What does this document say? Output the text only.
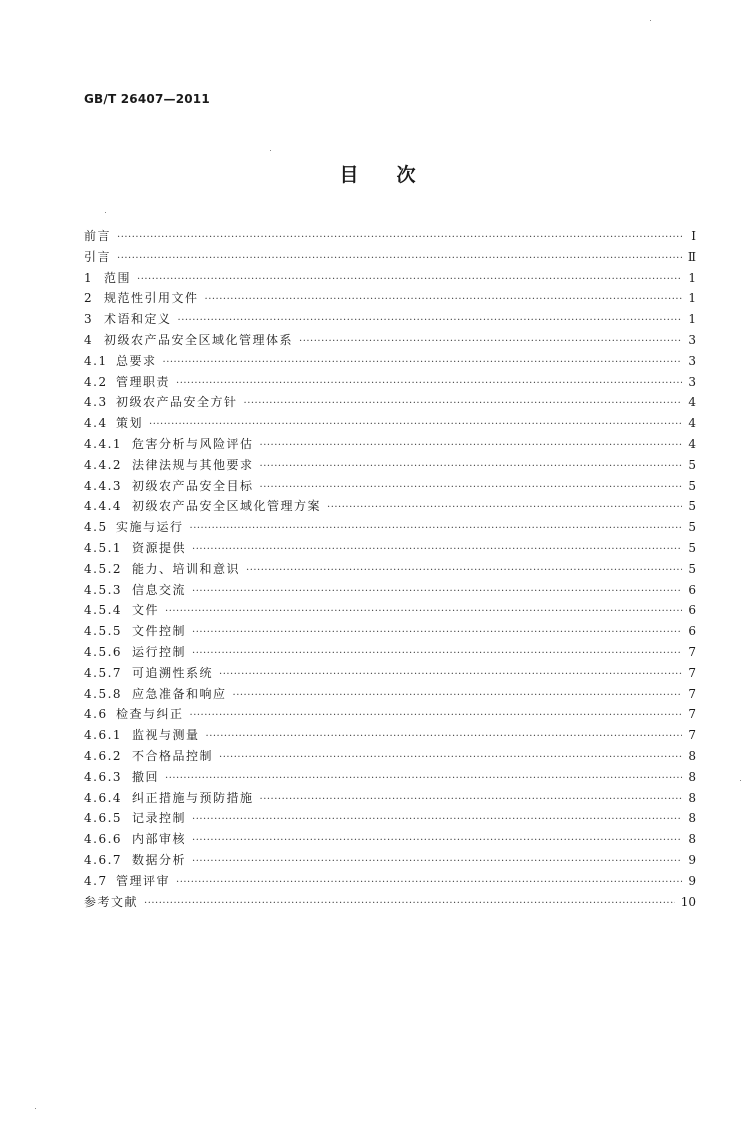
GB/T 26407—2011
目次
前言 ·····	Ⅰ
引言 ·····	Ⅱ
1 范围 ·····	1
2 规范性引用文件 ·····	1
3 术语和定义 ·····	1
4 初级农产品安全区域化管理体系 ·····	3
4.1 总要求 ·····	3
4.2 管理职责 ·····	3
4.3 初级农产品安全方针 ·····	4
4.4 策划 ·····	4
4.4.1 危害分析与风险评估 ·····	4
4.4.2 法律法规与其他要求 ·····	5
4.4.3 初级农产品安全目标 ·····	5
4.4.4 初级农产品安全区域化管理方案 ·····	5
4.5 实施与运行 ·····	5
4.5.1 资源提供 ·····	5
4.5.2 能力、培训和意识 ·····	5
4.5.3 信息交流 ·····	6
4.5.4 文件 ·····	6
4.5.5 文件控制 ·····	6
4.5.6 运行控制 ·····	7
4.5.7 可追溯性系统 ·····	7
4.5.8 应急准备和响应 ·····	7
4.6 检查与纠正 ·····	7
4.6.1 监视与测量 ·····	7
4.6.2 不合格品控制 ·····	8
4.6.3 撤回 ·····	8
4.6.4 纠正措施与预防措施 ·····	8
4.6.5 记录控制 ·····	8
4.6.6 内部审核 ·····	8
4.6.7 数据分析 ·····	9
4.7 管理评审 ·····	9
参考文献 ·····	10
